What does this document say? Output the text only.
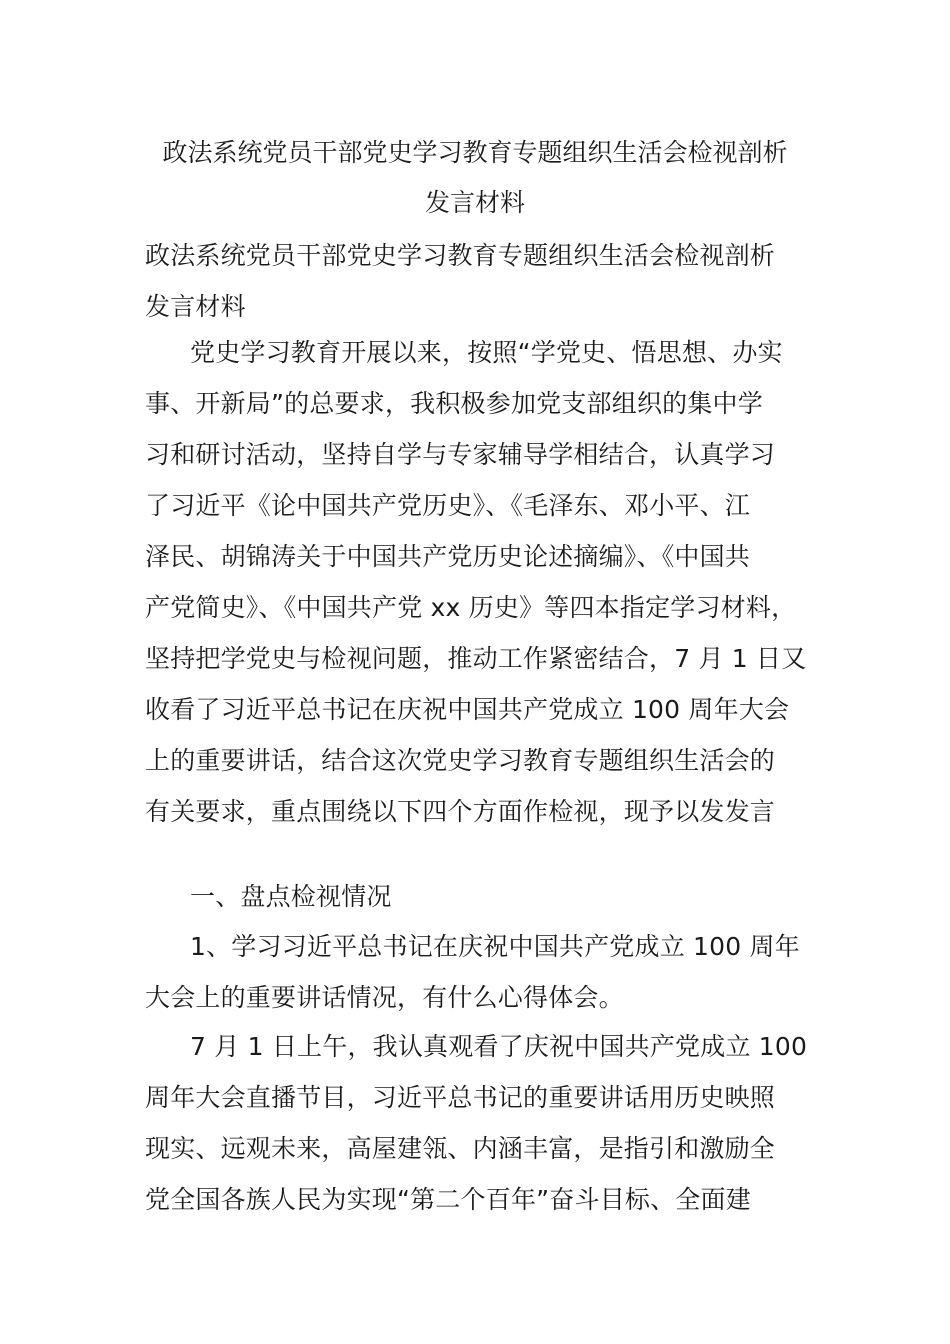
政法系统党员干部党史学习教育专题组织生活会检视剖析
发言材料
政法系统党员干部党史学习教育专题组织生活会检视剖析
发言材料
党史学习教育开展以来，按照“学党史、悟思想、办实
事、开新局”的总要求，我积极参加党支部组织的集中学
习和研讨活动，坚持自学与专家辅导学相结合，认真学习
了习近平《论中国共产党历史》、《毛泽东、邓小平、江
泽民、胡锦涛关于中国共产党历史论述摘编》、《中国共
产党简史》、《中国共产党 xx 历史》等四本指定学习材料，
坚持把学党史与检视问题，推动工作紧密结合，7 月 1 日又
收看了习近平总书记在庆祝中国共产党成立 100 周年大会
上的重要讲话，结合这次党史学习教育专题组织生活会的
有关要求，重点围绕以下四个方面作检视，现予以发发言
一、盘点检视情况
1、学习习近平总书记在庆祝中国共产党成立 100 周年
大会上的重要讲话情况，有什么心得体会。
7 月 1 日上午，我认真观看了庆祝中国共产党成立 100
周年大会直播节目，习近平总书记的重要讲话用历史映照
现实、远观未来，高屋建瓴、内涵丰富，是指引和激励全
党全国各族人民为实现“第二个百年”奋斗目标、全面建
